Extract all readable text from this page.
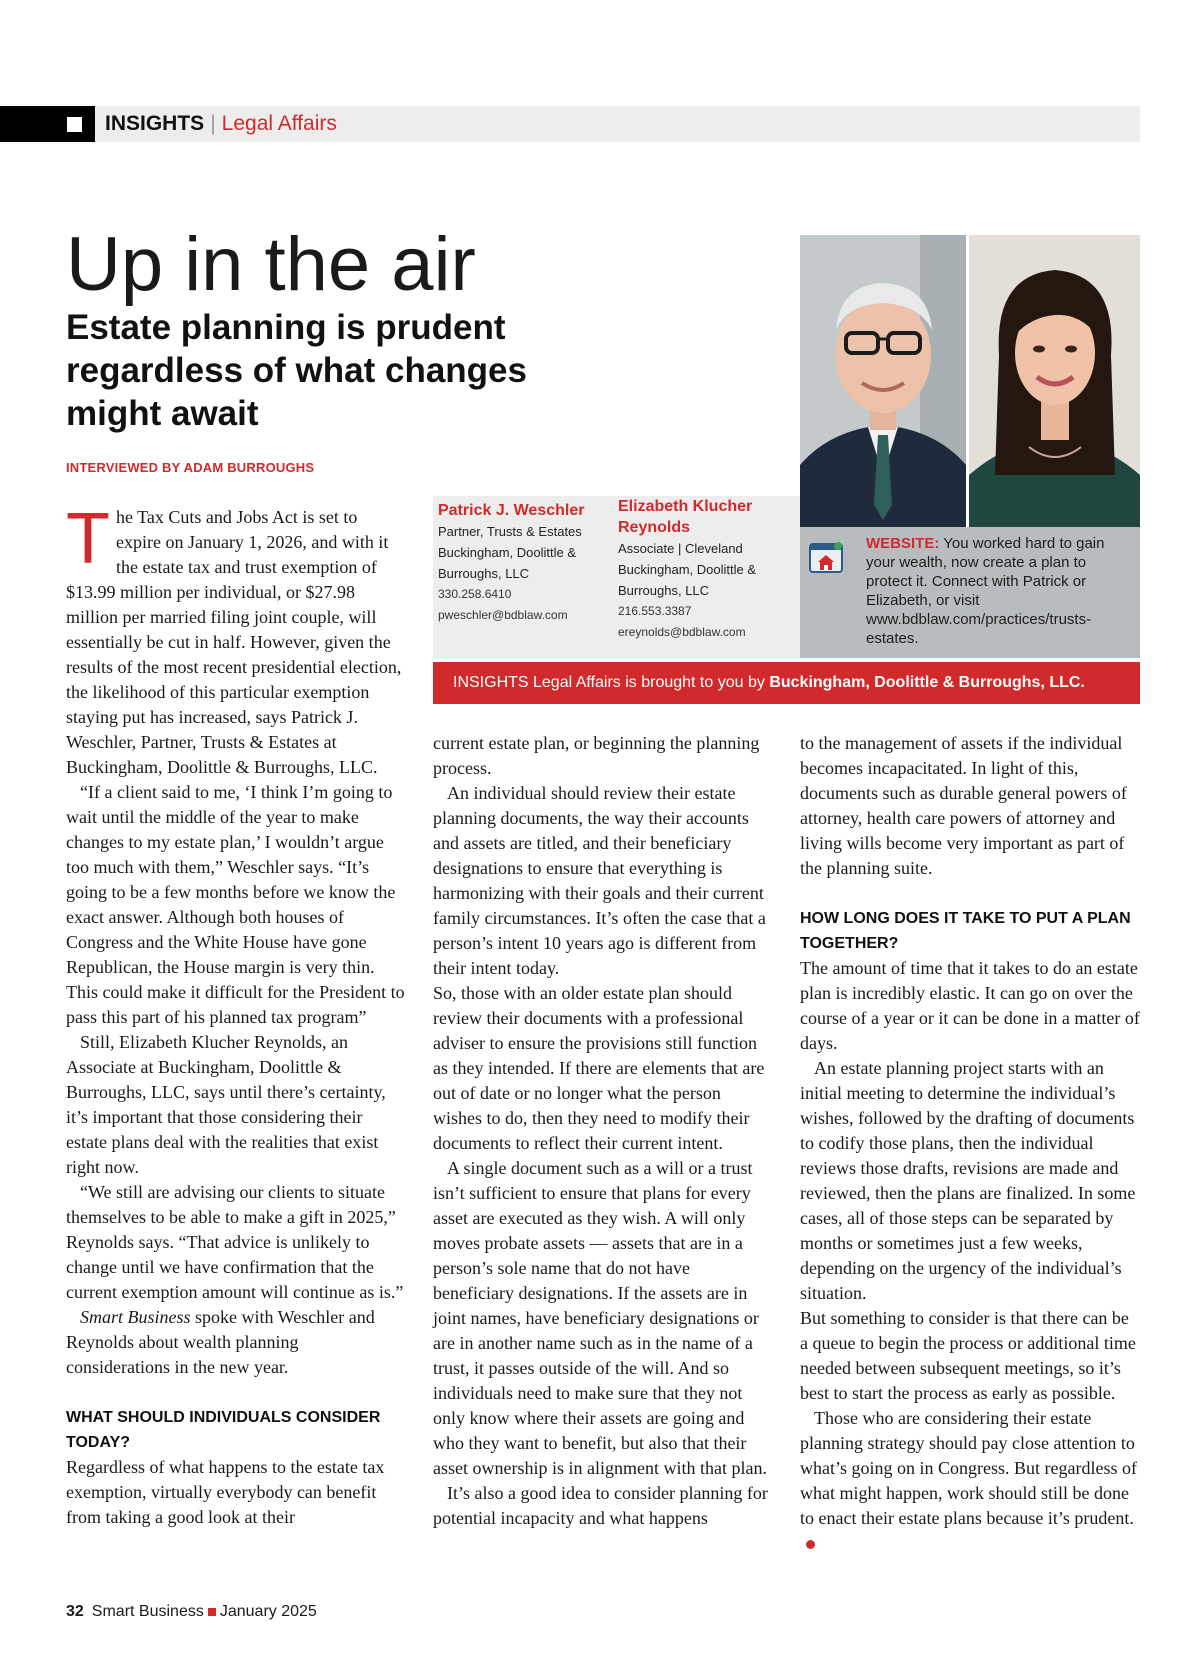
INSIGHTS | Legal Affairs
Up in the air
Estate planning is prudent regardless of what changes might await
INTERVIEWED BY ADAM BURROUGHS
Patrick J. Weschler
Partner, Trusts & Estates
Buckingham, Doolittle & Burroughs, LLC
330.258.6410
pweschler@bdblaw.com
Elizabeth Klucher Reynolds
Associate | Cleveland
Buckingham, Doolittle & Burroughs, LLC
216.553.3387
ereynolds@bdblaw.com
WEBSITE: You worked hard to gain your wealth, now create a plan to protect it. Connect with Patrick or Elizabeth, or visit www.bdblaw.com/practices/trusts-estates.
INSIGHTS Legal Affairs is brought to you by Buckingham, Doolittle & Burroughs, LLC.
T he Tax Cuts and Jobs Act is set to expire on January 1, 2026, and with it the estate tax and trust exemption of $13.99 million per individual, or $27.98 million per married filing joint couple, will essentially be cut in half. However, given the results of the most recent presidential election, the likelihood of this particular exemption staying put has increased, says Patrick J. Weschler, Partner, Trusts & Estates at Buckingham, Doolittle & Burroughs, LLC.

“If a client said to me, ‘I think I’m going to wait until the middle of the year to make changes to my estate plan,’ I wouldn’t argue too much with them,” Weschler says. “It’s going to be a few months before we know the exact answer. Although both houses of Congress and the White House have gone Republican, the House margin is very thin. This could make it difficult for the President to pass this part of his planned tax program”

Still, Elizabeth Klucher Reynolds, an Associate at Buckingham, Doolittle & Burroughs, LLC, says until there’s certainty, it’s important that those considering their estate plans deal with the realities that exist right now.

“We still are advising our clients to situate themselves to be able to make a gift in 2025,” Reynolds says. “That advice is unlikely to change until we have confirmation that the current exemption amount will continue as is.”

Smart Business spoke with Weschler and Reynolds about wealth planning considerations in the new year.

WHAT SHOULD INDIVIDUALS CONSIDER TODAY?

Regardless of what happens to the estate tax exemption, virtually everybody can benefit from taking a good look at their

current estate plan, or beginning the planning process.

An individual should review their estate planning documents, the way their accounts and assets are titled, and their beneficiary designations to ensure that everything is harmonizing with their goals and their current family circumstances. It’s often the case that a person’s intent 10 years ago is different from their intent today.

So, those with an older estate plan should review their documents with a professional adviser to ensure the provisions still function as they intended. If there are elements that are out of date or no longer what the person wishes to do, then they need to modify their documents to reflect their current intent.

A single document such as a will or a trust isn’t sufficient to ensure that plans for every asset are executed as they wish. A will only moves probate assets — assets that are in a person’s sole name that do not have beneficiary designations. If the assets are in joint names, have beneficiary designations or are in another name such as in the name of a trust, it passes outside of the will. And so individuals need to make sure that they not only know where their assets are going and who they want to benefit, but also that their asset ownership is in alignment with that plan.

It’s also a good idea to consider planning for potential incapacity and what happens

to the management of assets if the individual becomes incapacitated. In light of this, documents such as durable general powers of attorney, health care powers of attorney and living wills become very important as part of the planning suite.

HOW LONG DOES IT TAKE TO PUT A PLAN TOGETHER?

The amount of time that it takes to do an estate plan is incredibly elastic. It can go on over the course of a year or it can be done in a matter of days.

An estate planning project starts with an initial meeting to determine the individual’s wishes, followed by the drafting of documents to codify those plans, then the individual reviews those drafts, revisions are made and reviewed, then the plans are finalized. In some cases, all of those steps can be separated by months or sometimes just a few weeks, depending on the urgency of the individual’s situation.

But something to consider is that there can be a queue to begin the process or additional time needed between subsequent meetings, so it’s best to start the process as early as possible.

Those who are considering their estate planning strategy should pay close attention to what’s going on in Congress. But regardless of what might happen, work should still be done to enact their estate plans because it’s prudent.

32 Smart Business January 2025
